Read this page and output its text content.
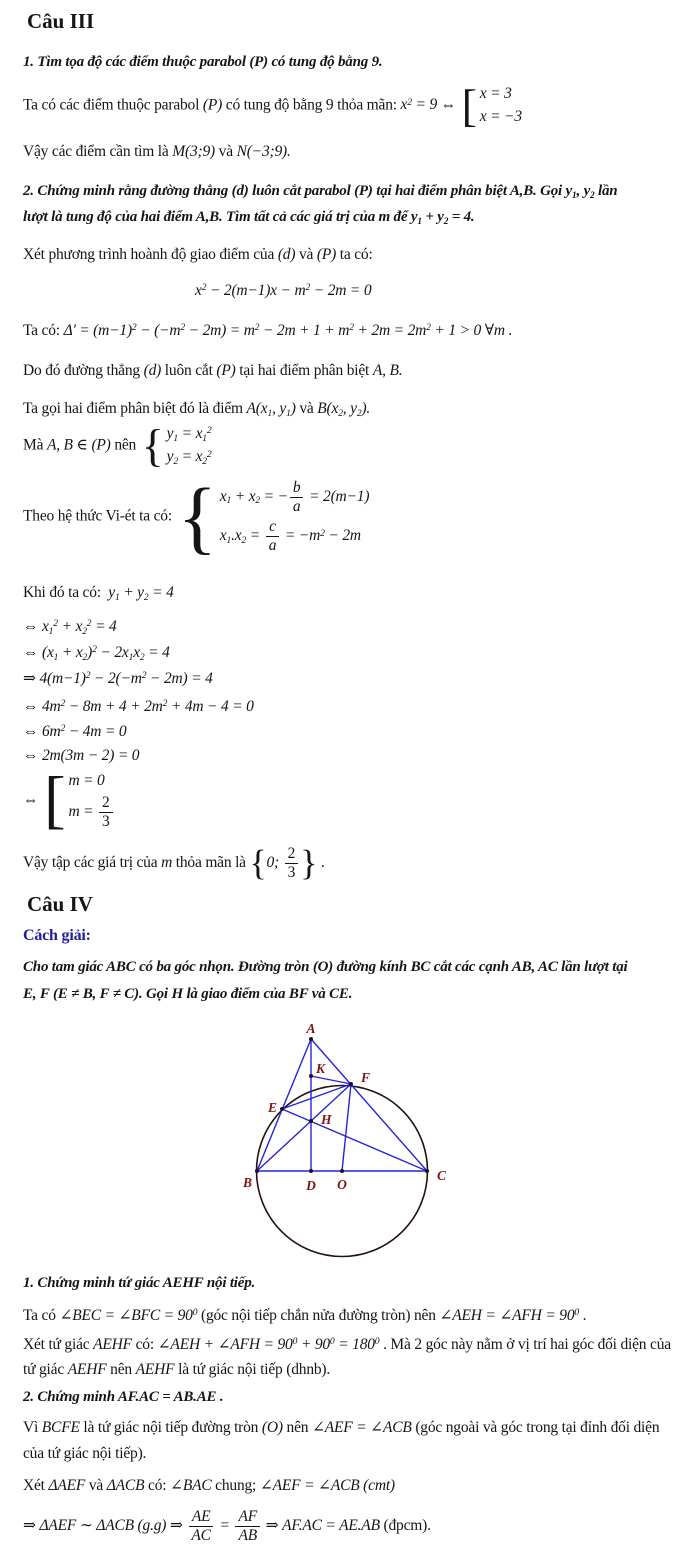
A
K
F
E
H
B	D O
C
Câu III
1. Tìm tọa độ các điểm thuộc parabol (P) có tung độ bằng 9.
Ta có các điểm thuộc parabol (P) có tung độ bằng 9 thỏa mãn: $x^2 = 9$ ⇔ [ x = 3
x = −3
Vậy các điểm cần tìm là M(3;9) và N(−3;9).
2. Chứng minh rằng đường thẳng (d) luôn cắt parabol (P) tại hai điểm phân biệt A,B. Gọi y1, y2 lần
lượt là tung độ của hai điểm A,B. Tìm tất cả các giá trị của m để y1 + y2 = 4.
Xét phương trình hoành độ giao điểm của (d) và (P) ta có:
$x^2 - 2(m-1)x - m^2 - 2m = 0$
Ta có: $\Delta' = (m-1)^2 - (-m^2 - 2m) = m^2 - 2m + 1 + m^2 + 2m = 2m^2 + 1 > 0$ ∀m .
Do đó đường thẳng (d) luôn cắt (P) tại hai điểm phân biệt A, B.
Ta gọi hai điểm phân biệt đó là điểm A(x1, y1) và B(x2, y2).
Mà A, B ∈ (P) nên { $y1 = x1^2$
$y2 = x2^2$
Theo hệ thức Vi-ét ta có: { x1 + x2 = − $\frac{b}{a} = 2(m-1)$
$x1.x2 = \frac{c}{a} = -m^2 - 2m$
Khi đó ta có:  y1 + y2 = 4
⇔ $x1^2 + x2^2 = 4$
⇔ $(x1 + x2)^2 - 2x1x2 = 4$
⇒ $4(m-1)^2 - 2(-m^2 - 2m) = 4$
⇔ $4m^2 - 8m + 4 + 2m^2 + 4m - 4 = 0$
⇔ $6m^2 - 4m = 0$
⇔ 2m(3m − 2) = 0
⇔ [ m = 0
$m = \frac{2}{3}$
Vậy tập các giá trị của m thỏa mãn là {0; $\frac{2}{3}$ } .
Câu IV
Cách giải:
Cho tam giác ABC có ba góc nhọn. Đường tròn (O) đường kính BC cắt các cạnh AB, AC lần lượt tại
E, F (E ≠ B, F ≠ C). Gọi H là giao điểm của BF và CE.
1. Chứng minh tứ giác AEHF nội tiếp.
Ta có ∠BEC = ∠BFC = $90^0$ (góc nội tiếp chắn nửa đường tròn) nên ∠AEH = ∠AFH = $90^0$ .
Xét tứ giác AEHF có: ∠AEH + ∠AFH = $90^0 + 90^0 = 180^0$ . Mà 2 góc này nằm ở vị trí hai góc đối diện của
tứ giác AEHF nên AEHF là tứ giác nội tiếp (dhnb).
2. Chứng minh AF.AC = AB.AE .
Vì BCFE là tứ giác nội tiếp đường tròn (O) nên ∠AEF = ∠ACB (góc ngoài và góc trong tại đỉnh đối diện
của tứ giác nội tiếp).
Xét ΔAEF và ΔACB có: ∠BAC chung; ∠AEF = ∠ACB (cmt)
⇒ ΔAEF ∼ ΔACB (g.g) ⇒ $\frac{AE}{AC} = \frac{AF}{AB}$ ⇒ AF.AC = AE.AB (đpcm).
